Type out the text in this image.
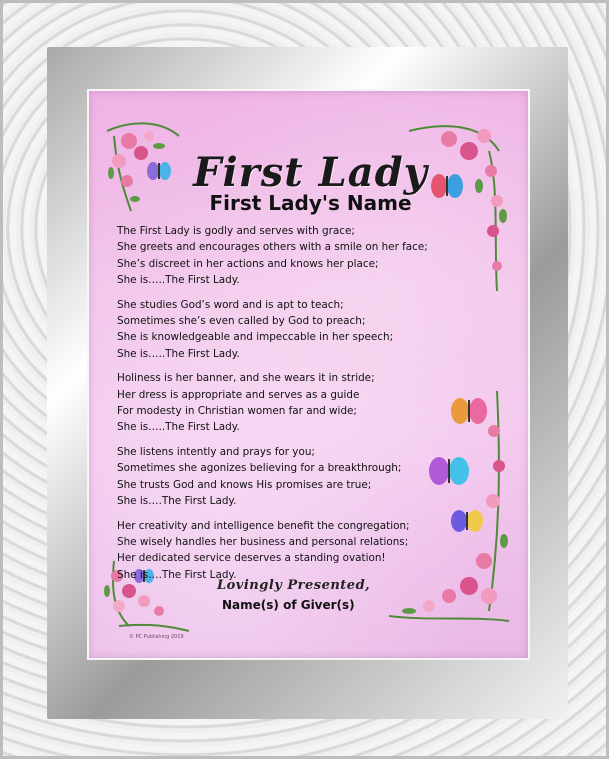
First Lady
First Lady's Name
The First Lady is godly and serves with grace;
She greets and encourages others with a smile on her face;
She’s discreet in her actions and knows her place;
She is…..The First Lady.
She studies God’s word and is apt to teach;
Sometimes she’s even called by God to preach;
She is knowledgeable and impeccable in her speech;
She is…..The First Lady.
Holiness is her banner, and she wears it in stride;
Her dress is appropriate and serves as a guide
For modesty in Christian women far and wide;
She is…..The First Lady.
She listens intently and prays for you;
Sometimes she agonizes believing for a breakthrough;
She trusts God and knows His promises are true;
She is….The First Lady.
Her creativity and intelligence benefit the congregation;
She wisely handles her business and personal relations;
Her dedicated service deserves a standing ovation!
She is….The First Lady.
Lovingly Presented,
Name(s) of Giver(s)
© PC Publishing 2019
